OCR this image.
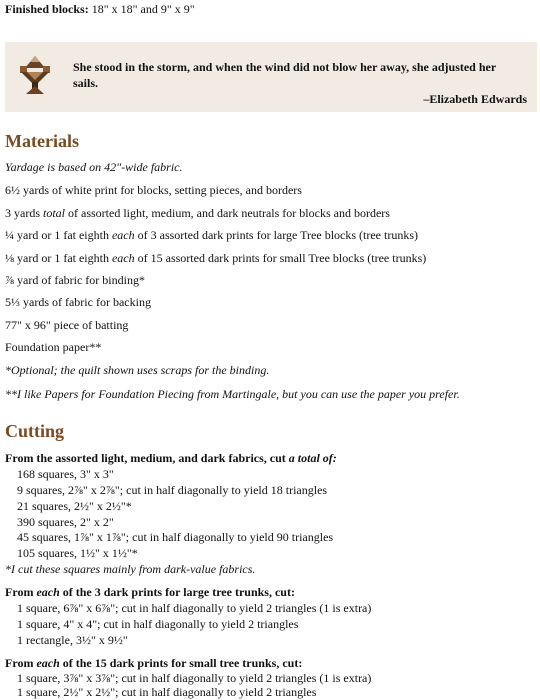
Finished blocks: 18" x 18" and 9" x 9"
She stood in the storm, and when the wind did not blow her away, she adjusted her sails.
–Elizabeth Edwards
Materials
Yardage is based on 42"-wide fabric.
6½ yards of white print for blocks, setting pieces, and borders
3 yards total of assorted light, medium, and dark neutrals for blocks and borders
¼ yard or 1 fat eighth each of 3 assorted dark prints for large Tree blocks (tree trunks)
⅛ yard or 1 fat eighth each of 15 assorted dark prints for small Tree blocks (tree trunks)
⅞ yard of fabric for binding*
5⅓ yards of fabric for backing
77" x 96" piece of batting
Foundation paper**
*Optional; the quilt shown uses scraps for the binding.
**I like Papers for Foundation Piecing from Martingale, but you can use the paper you prefer.
Cutting
From the assorted light, medium, and dark fabrics, cut a total of:
168 squares, 3" x 3"
9 squares, 2⅞" x 2⅞"; cut in half diagonally to yield 18 triangles
21 squares, 2½" x 2½"*
390 squares, 2" x 2"
45 squares, 1⅞" x 1⅞"; cut in half diagonally to yield 90 triangles
105 squares, 1½" x 1½"*
*I cut these squares mainly from dark-value fabrics.
From each of the 3 dark prints for large tree trunks, cut:
1 square, 6⅞" x 6⅞"; cut in half diagonally to yield 2 triangles (1 is extra)
1 square, 4" x 4"; cut in half diagonally to yield 2 triangles
1 rectangle, 3½" x 9½"
From each of the 15 dark prints for small tree trunks, cut:
1 square, 3⅞" x 3⅞"; cut in half diagonally to yield 2 triangles (1 is extra)
1 square, 2½" x 2½"; cut in half diagonally to yield 2 triangles
